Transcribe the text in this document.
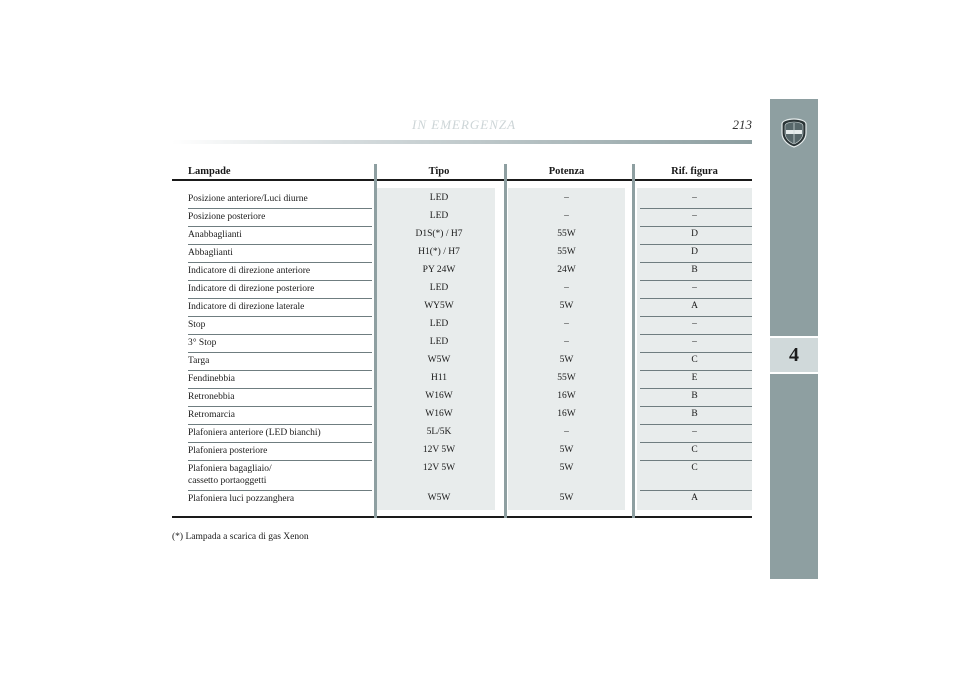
4
IN EMERGENZA	213
Lampade	Tipo	Potenza	Rif. figura
Posizione anteriore/Luci diurne	LED	–	–
Posizione posteriore	LED	–	–
Anabbaglianti	D1S(*) / H7	55W	D
Abbaglianti	H1(*) / H7	55W	D
Indicatore di direzione anteriore	PY 24W	24W	B
Indicatore di direzione posteriore	LED	–	–
Indicatore di direzione laterale	WY5W	5W	A
Stop	LED	–	–
3° Stop	LED	–	–
Targa	W5W	5W	C
Fendinebbia	H11	55W	E
Retronebbia	W16W	16W	B
Retromarcia	W16W	16W	B
Plafoniera anteriore (LED bianchi)	5L/5K	–	–
Plafoniera posteriore	12V 5W	5W	C
Plafoniera bagagliaio/
cassetto portaoggetti
12V 5W	5W	C
Plafoniera luci pozzanghera	W5W	5W	A
(*) Lampada a scarica di gas Xenon
